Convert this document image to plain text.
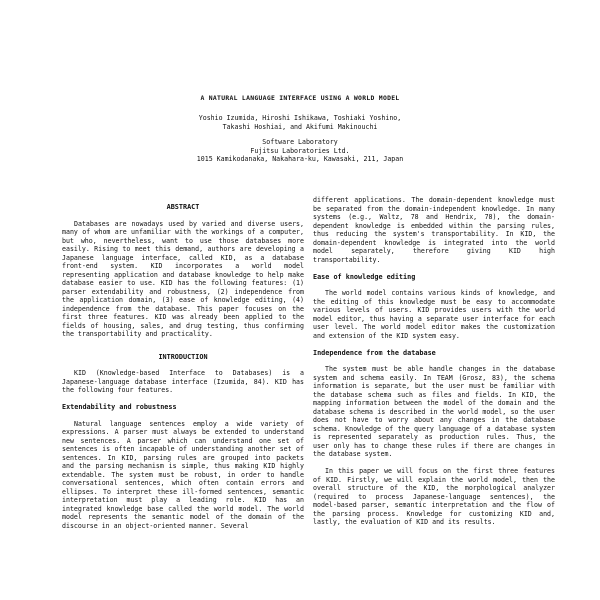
A NATURAL LANGUAGE INTERFACE USING A WORLD MODEL
Yoshio Izumida, Hiroshi Ishikawa, Toshiaki Yoshino,
Takashi Hoshiai, and Akifumi Makinouchi
Software Laboratory
Fujitsu Laboratories Ltd.
1015 Kamikodanaka, Nakahara-ku, Kawasaki, 211, Japan
ABSTRACT

Databases are nowadays used by varied and diverse users, many of whom are unfamiliar with the workings of a computer, but who, nevertheless, want to use those databases more easily. Rising to meet this demand, authors are developing a Japanese language interface, called KID, as a database front-end system. KID incorporates a world model representing application and database knowledge to help make database easier to use. KID has the following features: (1) parser extendability and robustness, (2) independence from the application domain, (3) ease of knowledge editing, (4) independence from the database. This paper focuses on the first three features. KID was already been applied to the fields of housing, sales, and drug testing, thus confirming the transportability and practicality.

INTRODUCTION

KID (Knowledge-based Interface to Databases) is a Japanese-language database interface (Izumida, 84). KID has the following four features.

Extendability and robustness

Natural language sentences employ a wide variety of expressions. A parser must always be extended to understand new sentences. A parser which can understand one set of sentences is often incapable of understanding another set of sentences. In KID, parsing rules are grouped into packets and the parsing mechanism is simple, thus making KID highly extendable. The system must be robust, in order to handle conversational sentences, which often contain errors and ellipses. To interpret these ill-formed sentences, semantic interpretation must play a leading role. KID has an integrated knowledge base called the world model. The world model represents the semantic model of the domain of the discourse in an object-oriented manner. Several

different applications. The domain-dependent knowledge must be separated from the domain-independent knowledge. In many systems (e.g., Waltz, 78 and Hendrix, 78), the domain-dependent knowledge is embedded within the parsing rules, thus reducing the system's transportability. In KID, the domain-dependent knowledge is integrated into the world model separately, therefore giving KID high transportability.

Ease of knowledge editing

The world model contains various kinds of knowledge, and the editing of this knowledge must be easy to accommodate various levels of users. KID provides users with the world model editor, thus having a separate user interface for each user level. The world model editor makes the customization and extension of the KID system easy.

Independence from the database

The system must be able handle changes in the database system and schema easily. In TEAM (Grosz, 83), the schema information is separate, but the user must be familiar with the database schema such as files and fields. In KID, the mapping information between the model of the domain and the database schema is described in the world model, so the user does not have to worry about any changes in the database schema. Knowledge of the query language of a database system is represented separately as production rules. Thus, the user only has to change these rules if there are changes in the database system.

In this paper we will focus on the first three features of KID. Firstly, we will explain the world model, then the overall structure of the KID, the morphological analyzer (required to process Japanese-language sentences), the model-based parser, semantic interpretation and the flow of the parsing process. Knowledge for customizing KID and, lastly, the evaluation of KID and its results.
